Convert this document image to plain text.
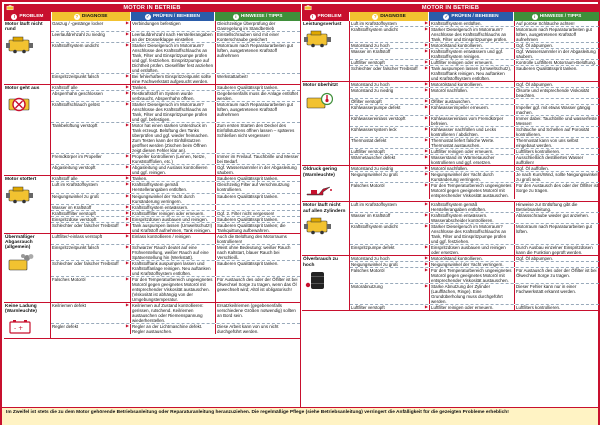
MOTOR IN BETRIEB
! PROBLEM	? DIAGNOSE	✓ PRÜFEN / BEHEBEN	i HINWEISE / TIPPS
Motor läuft nicht rund
Gaszug / -gestänge locker	▶ Verbindungen befestigen	Gleichzeitige Überprüfung der Gasregelung im Standbetrieb
Leerlaufdrehzahl zu niedrig	▶ Leerlaufdrehzahl nach Herstellerangaben an der Drosselklappe einstellen
Einstellschrauben sind mit einer Konterschraube gesichert
Kraftstoffsystem undicht	▶ Starker Dieselgeruch im Motorraum? Anschlüsse des Kraftstoffschlauchs an Tank, Filter und Einspritzpumpe prüfen und ggf. festziehen. Einspritzpumpe auf Dichtheit prüfen. Dieselfilter fest anziehen und entlüften.
Motorraum nach Reparaturarbeiten gut lüften, ausgetretenen Kraftstoff aufnehmen
Einspritzzeitpunkt falsch	▶ Bei fehlerhaftem Einspritzzeitpunkt sollte eine Fachwerkstatt aufgesucht werden.
Werkstattarbeit!
Motor geht aus	Kraftstoff alle	▶ Tanken.	Sauberen Qualitätssprit tanken.
Absperrhahn geschlossen	▶ Restkraftstoff im System wurde verbraucht, Absperrhahn öffnen.
Gegebenenfalls muss die Anlage entlüftet werden.
Kraftstoffschlauch gelöst	▶ Starker Dieselgeruch im Motorraum? Anschlüsse des Kraftstoffschlauchs an Tank, Filter und Einspritzpumpe prüfen und ggf. befestigen.
Motorraum nach Reparaturarbeiten gut lüften, ausgetretenen Kraftstoff aufnehmen
Tankbelüftung verstopft	▶ Motor hat einen starken Unterdruck im Tank erzeugt. Belüftung des Tanks überprüfen und ggf. wieder freimachen. Zum Testen kann der Einfüllstutzen geöffnet werden (Zischen beim Öffnen zeigt diesen Fehler klar an).
Zum ersten Starten den Deckel des Einfüllstutzens öffnen lassen – späteres Schließen nicht vergessen!
Fremdkörper im Propeller	▶ Propeller kontrollieren (Leinen, Netze, Kunststofffolien, etc.)
Immer im Freilauf. Tauchbrille und Messer bei Bedarf.
Abgasleitung verstopft	▶ Abgasleitung und Auslass kontrollieren und ggf. reinigen.
Ggf. Wassersammler in der Abgasleitung säubern.
Motor stottert	Kraftstoff alle	▶ Tanken.	Sauberen Qualitätssprit tanken.
Luft im Kraftstoffsystem	▶ Kraftstoffsystem gemäß Herstellerangaben entlüften.
Gleichzeitig Filter auf Verschmutzung kontrollieren.
Neigungswinkel zu groß	▶ Neigungswinkel der Yacht durch Kursänderung verringern.
Sauberen Qualitätssprit tanken.
Wasser im Kraftstoff	▶ Kraftstoffsystem entwässern.
Kraftstofffilter verstopft	▶ Kraftstofffilter reinigen oder erneuern.	Ggf. 2. Filter nicht vergessen!
Einspritzdüse verstopft	▶ Einspritzdüsen ausbauen und reinigen.	Sauberen Qualitätssprit tanken.
Schlechter oder falscher Treibstoff	▶ Tank auspumpen lassen (Umweltschutz!) und Kraftstoff aufnehmen, Tank reinigen.
Sauberen Qualitätssprit tanken; die Tankquittung aufbewahren.
Übermäßiger Abgasrauch (allgemein)
Luftfilter/-einlass verstopft	▶ Einlass kontrollieren / reinigen	Auch die Belüftung des Motorraums kontrollieren!
Einspritzzeitpunkt falsch	▶ Schwarzer Rauch deutet auf eine Frühverstellung, weißer Rauch auf eine Spätverstellung hin (Werkstatt).
Meist ohne Bedeutung: weißer Rauch nach Kaltstart, blauer Rauch bei Verschleiß.
Schlechter oder falscher Treibstoff	▶ Kraftstofftank auspumpen lassen und Kraftstoffanlage reinigen. Neu auftanken und Kraftstoffsystem entlüften.
Sauberen Qualitätssprit tanken.
Falsches Motoröl	▶ Für den Temperaturbereich ungeeignetes Motoröl gegen geeignetes Motoröl mit entsprechender Viskosität austauschen. (Viskosität ist abhängig von der Umgebungstemperatur.
Für Austausch des oder der Ölfilter ist bei Ölwechsel Sorge zu tragen, wenn das Öl gewechselt wird; Altöl ist obligatorisch!
Keine Ladung (Warnleuchte)
- +
Keilriemen defekt	▶ Keilriemen auf Zustand kontrollieren: gerissen, rutschend. Keilriemen austauschen oder Riemenspannung wiederherstellen.
Ersatzkeilriemen (gegebenenfalls verschiedene Größen notwendig) sollten an Bord sein.
Regler defekt	▶ Regler an der Lichtmaschine defekt. Regler austauschen.
Diese Arbeit kann von uns nicht durchgeführt werden.
MOTOR IN BETRIEB
! PROBLEM	? DIAGNOSE	✓ PRÜFEN / BEHEBEN	i HINWEISE / TIPPS
Leistungsverlust	Luft im Kraftstoffsystem	▶ Kraftstoffsystem entlüften.	Auf poröse Schläuche achten!
Kraftstoffsystem undicht	▶ Starker Dieselgeruch im Motorraum? Anschlüsse des Kraftstoffschlauchs an Tank, Filter und Einspritzpumpe prüfen.
Motorraum nach Reparaturarbeiten gut lüften, ausgetretenen Kraftstoff aufnehmen
Motorstand zu hoch	▶ Motorölstand kontrollieren.	Ggf. Öl abpumpen.
Wasser im Kraftstoff	▶ Kraftstoffsystem entwässern und ggf. Kraftstoffsystem reinigen.
Ggf. Wassersammler in der Abgasleitung säubern.
Luftfilter verstopft	▶ Luftfilter reinigen oder erneuern.	Kontrolle Luftfilters Motorraum-Belüftung.
Schlechter oder falscher Treibstoff	▶ Tank auspumpen lassen (Umweltschutz), Kraftstofftank reinigen. Neu auftanken und Kraftstoffsystem entlüften.
Sauberen Qualitätssprit tanken.
Motor überhitzt	Motorstand zu hoch	▶ Motorölstand kontrollieren.	Ggf. Öl abpumpen.
Motorstand zu niedrig	▶ Motoröl nachfüllen.	Ölsorte und entsprechende Viskosität beachten.
Ölfilter verstopft	▶ Ölfilter austauschen.
Kühlwasserpumpe defekt	▶ Kühlwasserimpeller erneuern.	Impeller ggf. mit etwas Wasser gängig machen.
Kühlwassereinlass verstopft	▶ Kühlwassereinlass vom Fremdkörper befreien.
Immer dabei: Tauchbrille und wasserfeste Messer!
Kühlwassersystem leck	▶ Kühlwasser nachfüllen und Lecks kontrollieren / abdichten.
Schläuche und Schellen auf Porosität kontrollieren.
Thermostat defekt	▶ Thermostat liefert falsche Werte. Thermostat austauschen.
Thermostat kann von uns selbst eingebaut werden.
Luftfilter verstopft	▶ Luftfilter reinigen oder erneuern.	Luftfilters kontrollieren.
Wärmetauscher defekt	▶ Wasserstand im Wärmetauscher kontrollieren und ggf. ersetzen.
Ausschließlich destilliertes Wasser auffüllen!
Öldruck gering (Warnleuchte)
Motorstand zu niedrig	▶ Motoröl nachfüllen.	Ggf. Öl auffüllen.
Neigungswinkel zu groß	▶ Neigungswinkel der Yacht durch Kursänderung verringern.
Je nach Kurs/Wind, sollte Neigungswinkel zu groß sein.
Falsches Motoröl	▶ Für den Temperaturbereich ungeeignetes Motoröl gegen geeignetes Motoröl mit entsprechender Viskosität austauschen.
Für den Austausch des oder der Ölfilter ist Sorge zu tragen.
Motor läuft nicht auf allen Zylindern
Luft im Kraftstoffsystem	▶ Kraftstoffsystem gemäß Herstellerangaben entlüften.
Hinweise zur Entlüftung gibt die Betriebsanleitung.
Wasser im Kraftstoff	▶ Kraftstoffsystem entwässern. Wasserabscheider kontrollieren.
Ablassschraube wieder gut anziehen.
Kraftstoffsystem undicht	▶ Starker Dieselgeruch im Motorraum? Anschlüsse des Kraftstoffschlauchs an Tank, Filter und Einspritzpumpe prüfen und ggf. festziehen.
Motorraum nach Reparaturarbeiten gut lüften.
Einspritzpumpe defekt	▶ Einspritzdüsen ausbauen und reinigen oder ersetzen.
Durch Ausbau einzelner Einspritzdüsen kann die Funktion geprüft werden.
Ölverbrauch zu hoch
Motorstand zu hoch	▶ Motorölstand kontrollieren.	Ggf. Öl abpumpen.
Neigungswinkel zu groß	▶ Neigungswinkel der Yacht verringern.
Falsches Motoröl	▶ Für den Temperaturbereich ungeeignetes Motoröl gegen geeignetes Motoröl mit entsprechender Viskosität austauschen.
Für Austausch des oder der Ölfilter ist bei Ölwechsel Sorge zu tragen.
Motorabnutzung	▶ Starke Abnutzung der Zylinder (Laufflächen, Ringe). Eine Grundüberholung muss durchgeführt werden.
Dieser Fehler kann nur in einer Fachwerkstatt erkannt werden.
Luftfilter verstopft	▶ Luftfilter reinigen oder erneuern.	Luftfilters kontrollieren.
Im Zweifel ist stets die zu dem Motor gehörende Betriebsanleitung oder Reparaturanleitung heranzuziehen. Die regelmäßige Pflege (siehe Betriebsanleitung) verringert die Anfälligkeit für die gezeigten Probleme erheblich!
